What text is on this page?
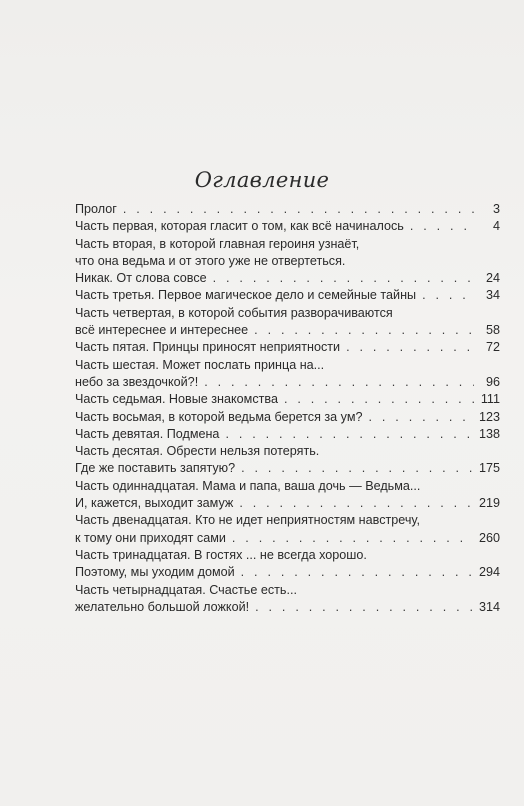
Оглавление
Пролог . . .	3
Часть первая, которая гласит о том, как всё начиналось . . .	4
Часть вторая, в которой главная героиня узнаёт,
что она ведьма и от этого уже не отвертеться.
Никак. От слова совсе . . .	24
Часть третья. Первое магическое дело и семейные тайны . . .	34
Часть четвертая, в которой события разворачиваются
всё интереснее и интереснее . . .	58
Часть пятая. Принцы приносят неприятности . . .	72
Часть шестая. Может послать принца на...
небо за звездочкой?! . . .	96
Часть седьмая. Новые знакомства . . .	111
Часть восьмая, в которой ведьма берется за ум? . . .	123
Часть девятая. Подмена . . .	138
Часть десятая. Обрести нельзя потерять.
Где же поставить запятую? . . .	175
Часть одиннадцатая. Мама и папа, ваша дочь — Ведьма...
И, кажется, выходит замуж . . .	219
Часть двенадцатая. Кто не идет неприятностям навстречу,
к тому они приходят сами . . .	260
Часть тринадцатая. В гостях ... не всегда хорошо.
Поэтому, мы уходим домой . . .	294
Часть четырнадцатая. Счастье есть...
желательно большой ложкой! . . .	314
